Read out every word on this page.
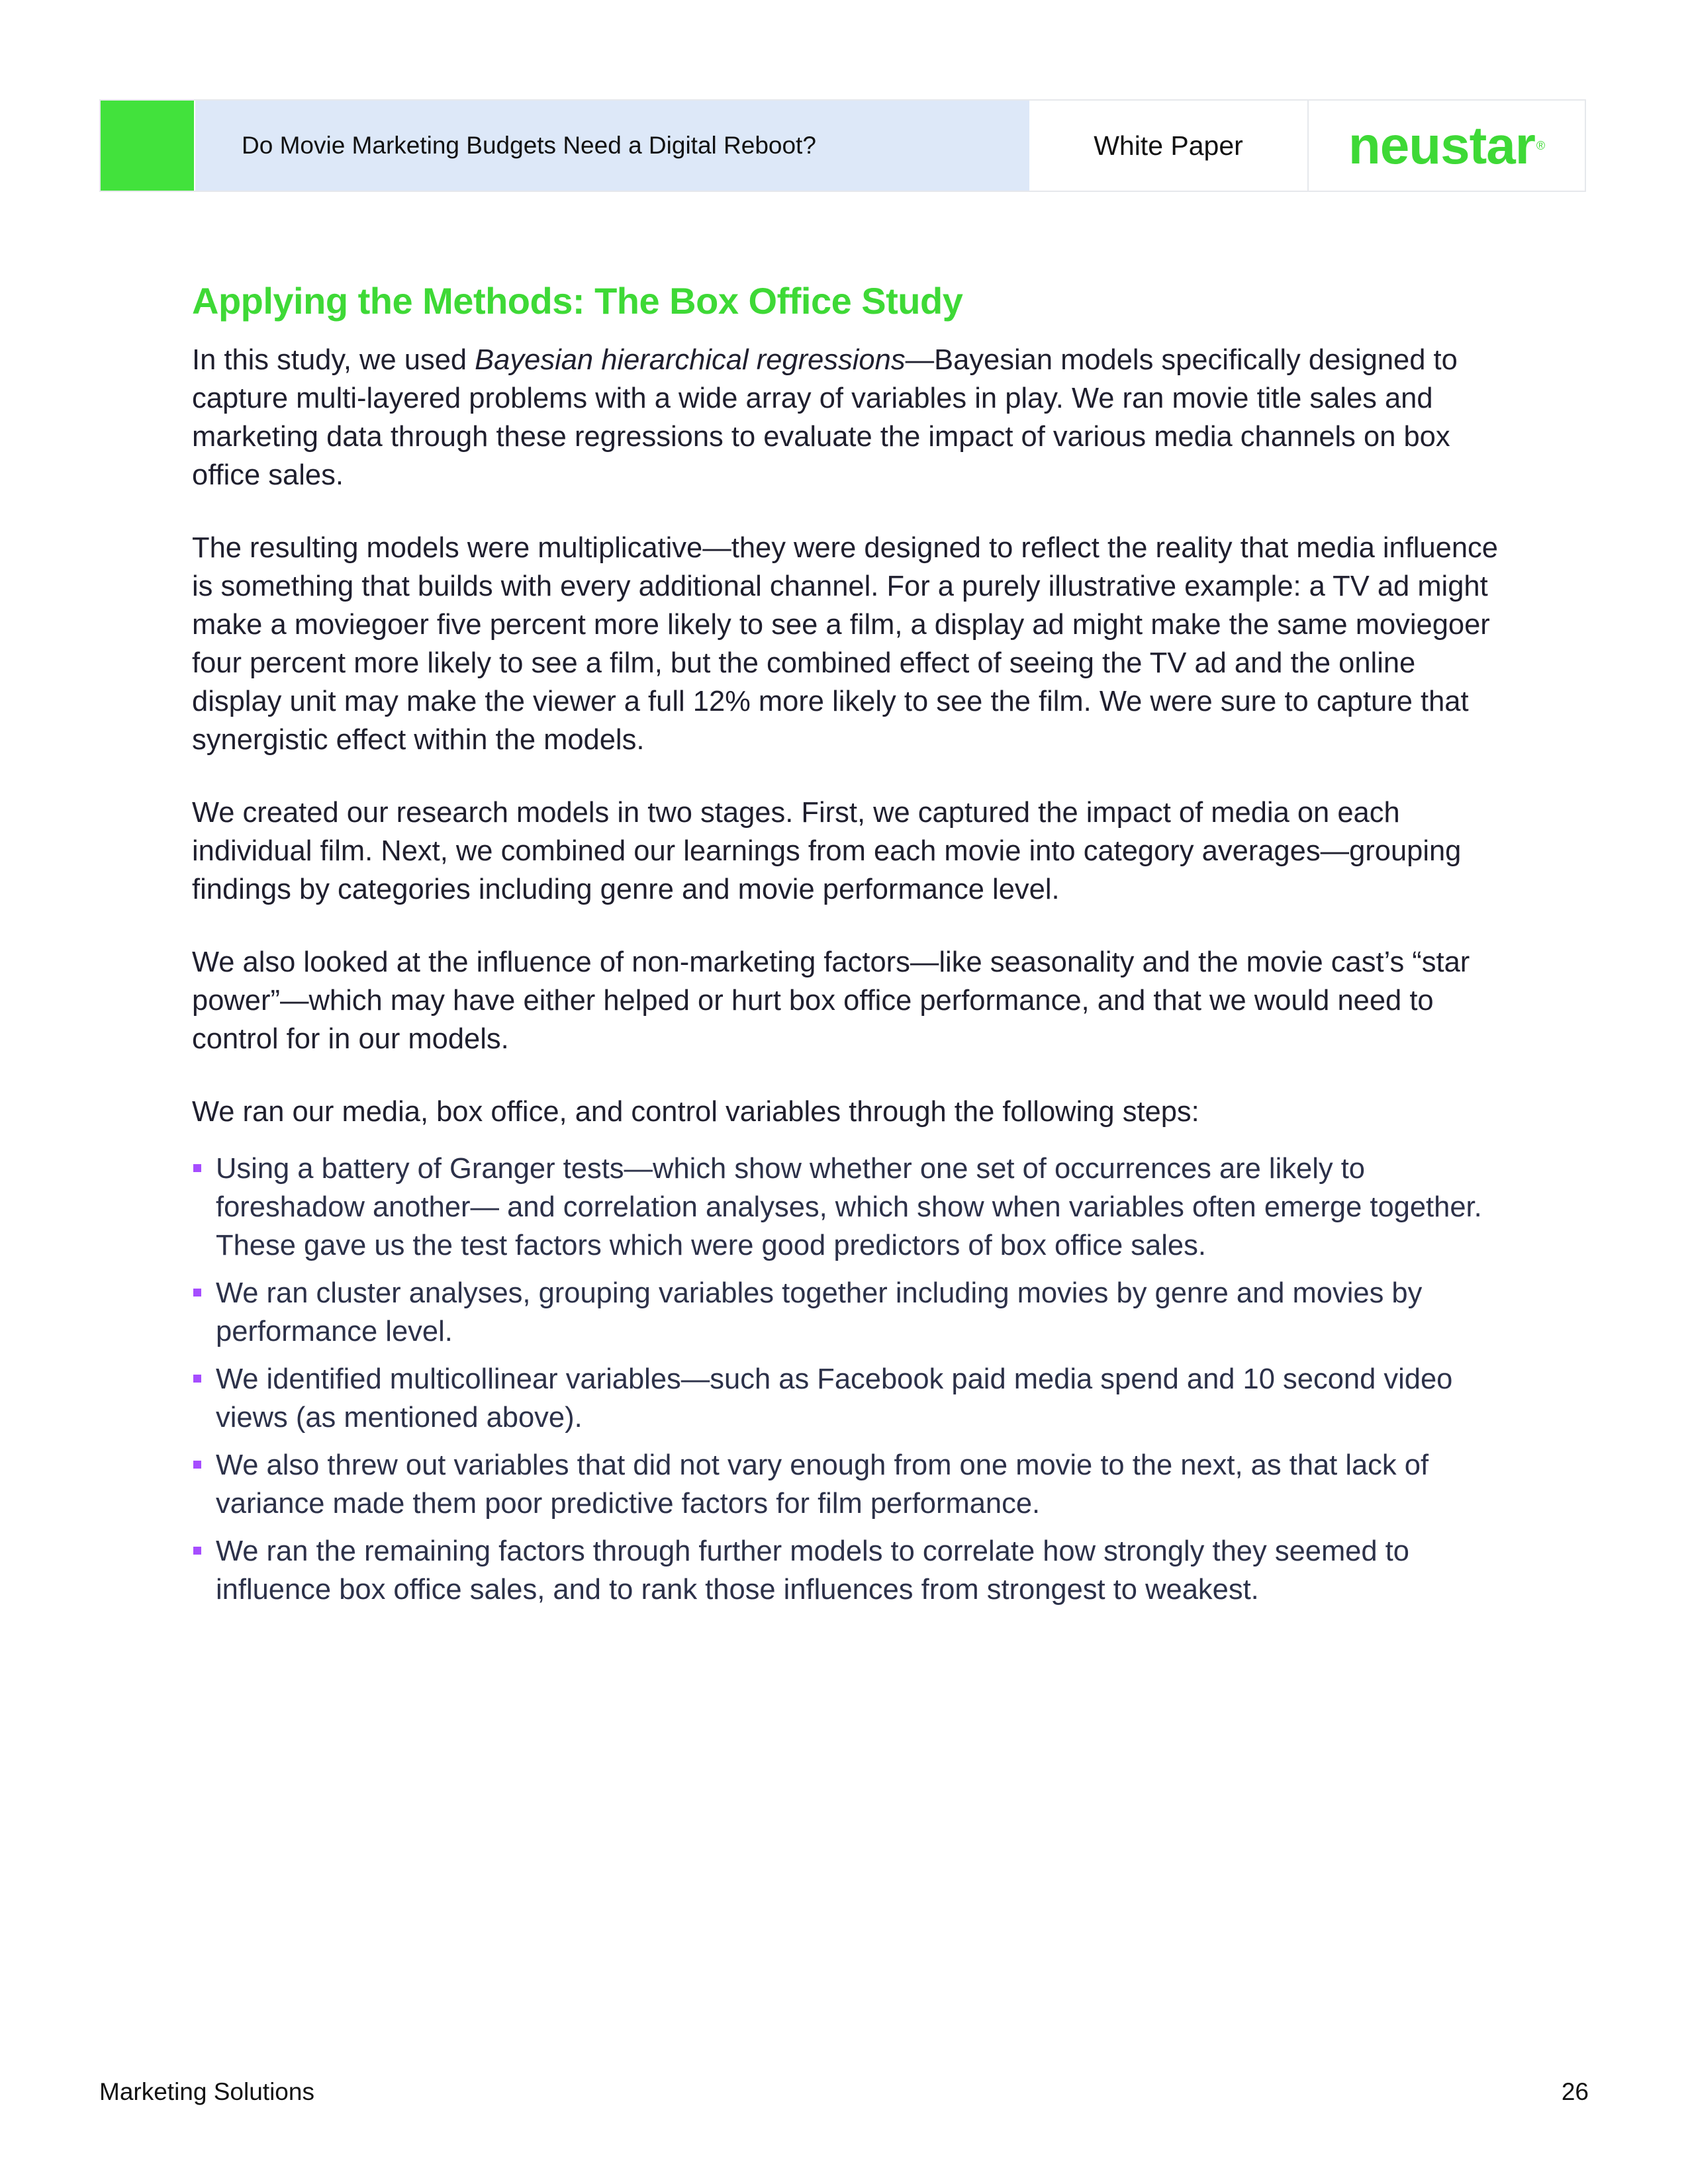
Do Movie Marketing Budgets Need a Digital Reboot?	White Paper	neustar ®
Applying the Methods: The Box Office Study

In this study, we used Bayesian hierarchical regressions—Bayesian models specifically designed to capture multi-layered problems with a wide array of variables in play. We ran movie title sales and marketing data through these regressions to evaluate the impact of various media channels on box office sales.

The resulting models were multiplicative—they were designed to reflect the reality that media influence is something that builds with every additional channel. For a purely illustrative example: a TV ad might make a moviegoer five percent more likely to see a film, a display ad might make the same moviegoer four percent more likely to see a film, but the combined effect of seeing the TV ad and the online display unit may make the viewer a full 12% more likely to see the film. We were sure to capture that synergistic effect within the models.

We created our research models in two stages. First, we captured the impact of media on each individual film. Next, we combined our learnings from each movie into category averages—grouping findings by categories including genre and movie performance level.

We also looked at the influence of non-marketing factors—like seasonality and the movie cast’s “star power”—which may have either helped or hurt box office performance, and that we would need to control for in our models.

We ran our media, box office, and control variables through the following steps:

Using a battery of Granger tests—which show whether one set of occurrences are likely to foreshadow another— and correlation analyses, which show when variables often emerge together. These gave us the test factors which were good predictors of box office sales.
We ran cluster analyses, grouping variables together including movies by genre and movies by performance level.
We identified multicollinear variables—such as Facebook paid media spend and 10 second video views (as mentioned above).
We also threw out variables that did not vary enough from one movie to the next, as that lack of variance made them poor predictive factors for film performance.
We ran the remaining factors through further models to correlate how strongly they seemed to influence box office sales, and to rank those influences from strongest to weakest.
Marketing Solutions	26
